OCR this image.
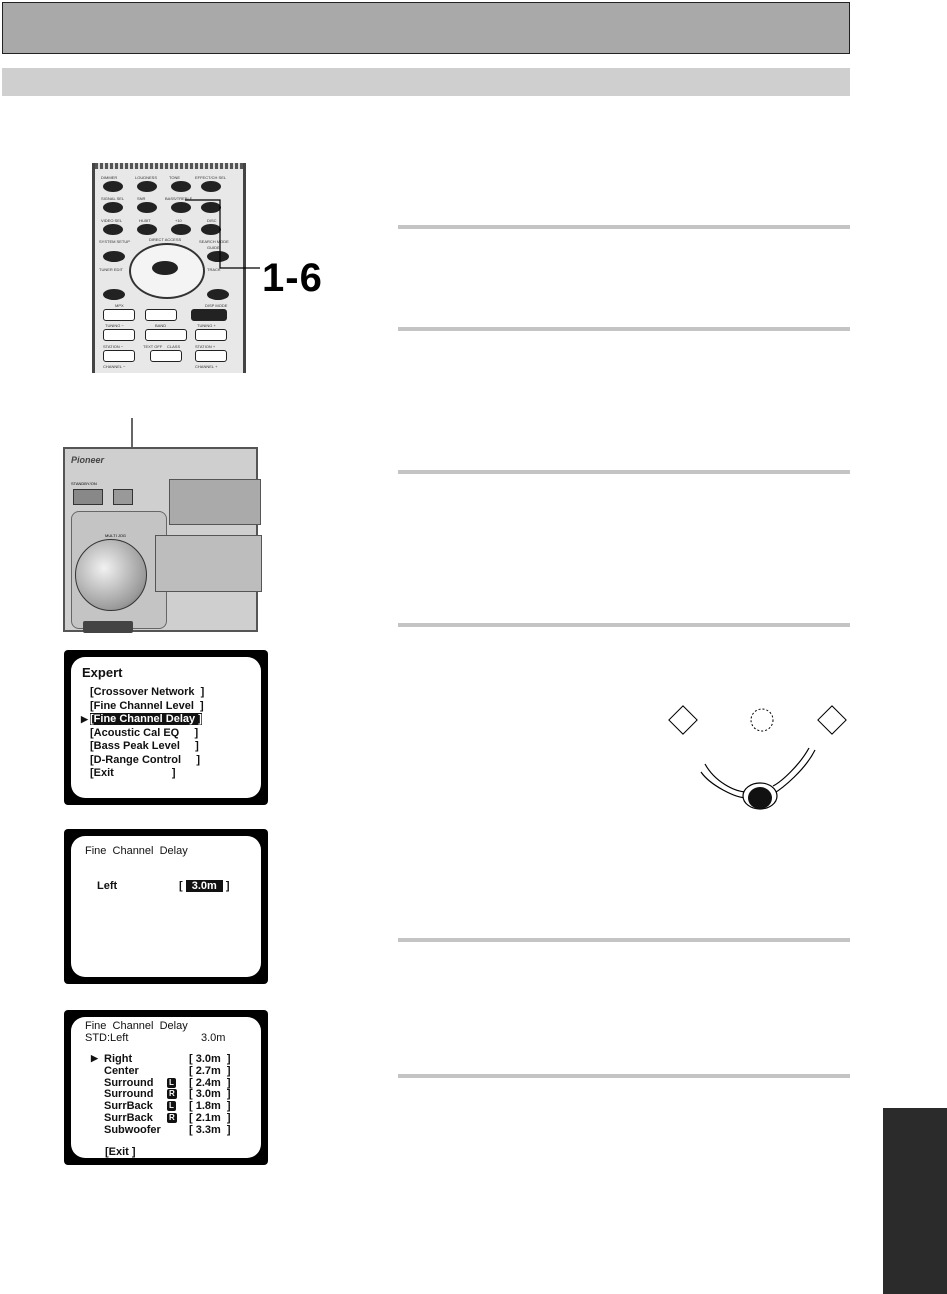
DIMMER	LOUDNESS	TONE	EFFECT/CH SEL
SIGNAL SEL	SNR	BASS/TREBLE
VIDEO SEL	HI-BIT	+10	DISC
SYSTEM SETUP	DIRECT ACCESS	SEARCH MODE
GUIDE
TUNER EDIT	TRACK
MPX	DISP MODE
TUNING −	BAND	TUNING +
STATION −	TEXT OFF CLASS	STATION +
CHANNEL −	CHANNEL +
1-6
Pioneer
STANDBY/ON
MULTI JOG
Expert
[Crossover Network  ]
[Fine Channel Level  ]
▶ [Fine Channel Delay ]
[Acoustic Cal EQ     ]
[Bass Peak Level     ]
[D-Range Control     ]
[Exit                   ]
Fine  Channel  Delay
Left	[ 3.0m ]
Fine  Channel  Delay
STD:Left	3.0m
▶ Right	[ 3.0m  ]
Center	[ 2.7m  ]
Surround L [ 2.4m  ]
Surround R [ 3.0m  ]
SurrBack L [ 1.8m  ]
SurrBack R [ 2.1m  ]
Subwoofer	[ 3.3m  ]
[Exit ]
